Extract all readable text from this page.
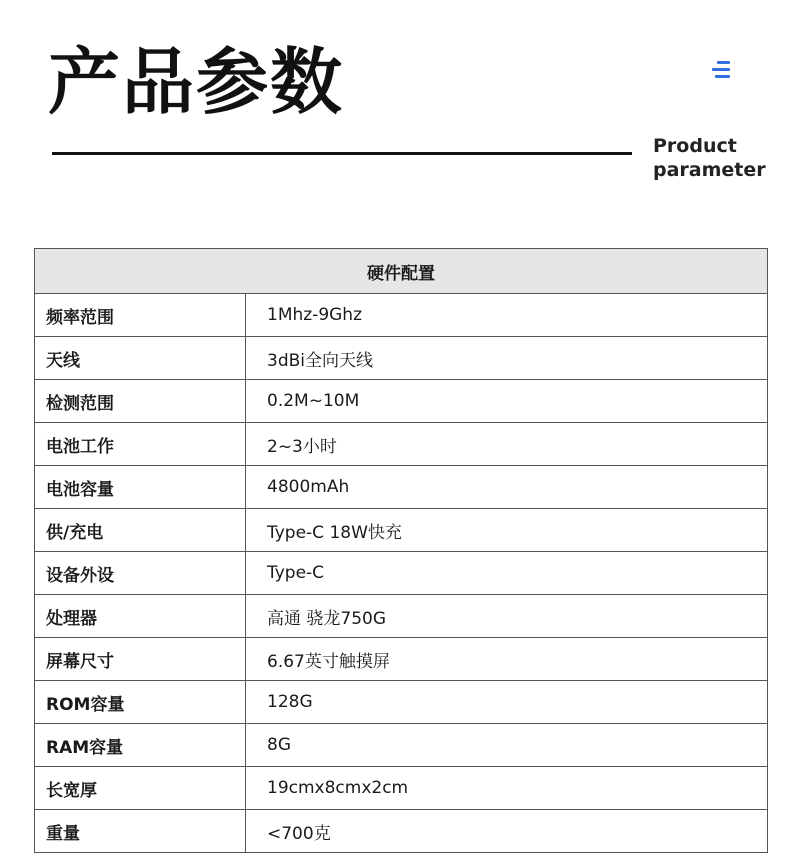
产品参数
Product
parameter
硬件配置
频率范围	1Mhz-9Ghz
天线	3dBi全向天线
检测范围	0.2M~10M
电池工作	2~3小时
电池容量	4800mAh
供/充电	Type-C 18W快充
设备外设	Type-C
处理器	高通 骁龙750G
屏幕尺寸	6.67英寸触摸屏
ROM容量	128G
RAM容量	8G
长宽厚	19cmx8cmx2cm
重量	<700克
